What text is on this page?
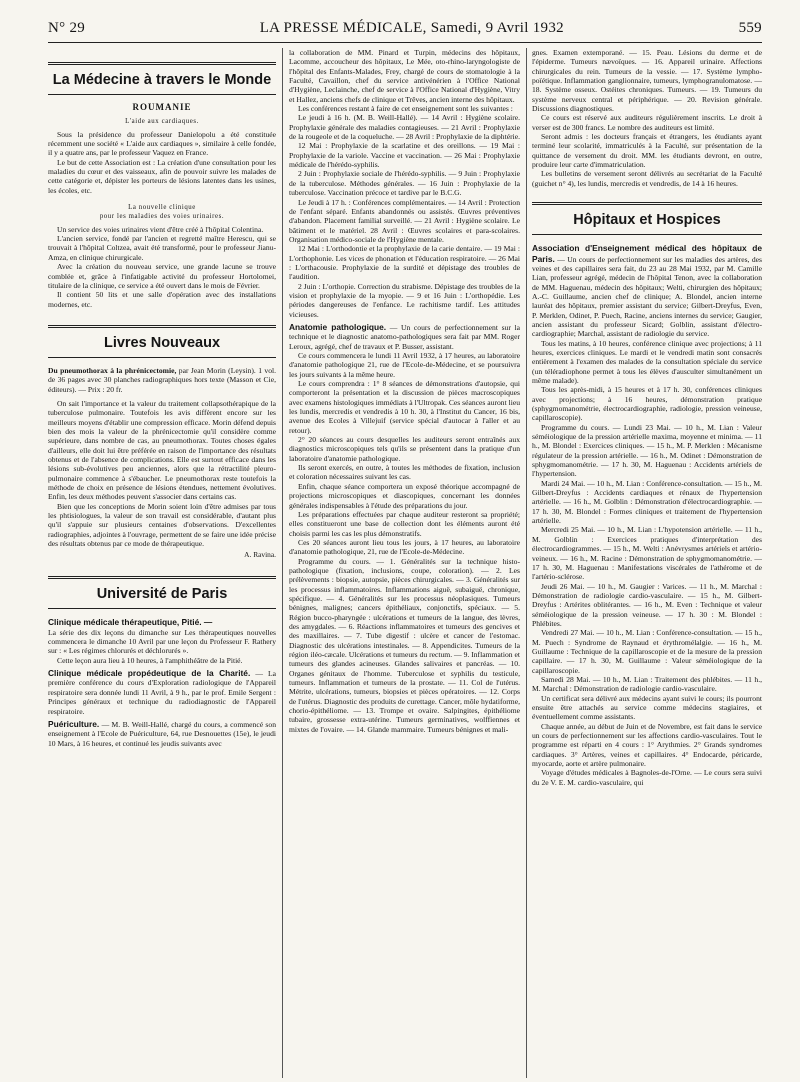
N° 29	LA PRESSE MÉDICALE, Samedi, 9 Avril 1932	559
La Médecine à travers le Monde
ROUMANIE
L'aide aux cardiaques.

Sous la présidence du professeur Danielopolu a été constituée récemment une société « L'aide aux cardiaques », similaire à celle fondée, il y a quatre ans, par le professeur Vaquez en France.

Le but de cette Association est : La création d'une consultation pour les maladies du cœur et des vaisseaux, afin de pouvoir suivre les malades de cette catégorie et, dépister les porteurs de lésions latentes dans les usines, les écoles, etc.

La nouvelle clinique
pour les maladies des voies urinaires.

Un service des voies urinaires vient d'être créé à l'hôpital Colentina.

L'ancien service, fondé par l'ancien et regretté maître Herescu, qui se trouvait à l'hôpital Coltzea, avait été transformé, pour le professeur Jianu-Amza, en clinique chirurgicale.

Avec la création du nouveau service, une grande lacune se trouve comblée et, grâce à l'infatigable activité du professeur Hortolomei, titulaire de la clinique, ce service a été ouvert dans le mois de Février.

Il contient 50 lits et une salle d'opération avec des installations modernes, etc.

Livres Nouveaux

Du pneumothorax à la phrénicectomie, par Jean Morin (Leysin). 1 vol. de 36 pages avec 30 planches radiographiques hors texte (Masson et Cie, éditeurs). — Prix : 20 fr.

On sait l'importance et la valeur du traitement collapsothérapique de la tuberculose pulmonaire. Toutefois les avis diffèrent encore sur les meilleurs moyens d'établir une compression efficace. Morin défend depuis bien des mois la valeur de la phrénicectomie qu'il considère comme supérieure, dans nombre de cas, au pneumothorax. Toutes choses égales d'ailleurs, elle doit lui être préférée en raison de l'importance des résultats obtenus et de l'absence de complications. Elle est surtout efficace dans les lésions sub-évolutives peu anciennes, alors que la rétractilité pleuro-pulmonaire commence à s'ébaucher. Le pneumothorax reste toutefois la méthode de choix en présence de lésions étendues, nettement évolutives. Enfin, les deux méthodes peuvent s'associer dans certains cas.

Bien que les conceptions de Morin soient loin d'être admises par tous les phtisiologues, la valeur de son travail est considérable, d'autant plus qu'il s'appuie sur plusieurs centaines d'observations. D'excellentes radiographies, adjointes à l'ouvrage, permettent de se faire une idée précise des résultats obtenus par ce mode de thérapeutique.

A. Ravina.
Université de Paris
Clinique médicale thérapeutique, Pitié. —

La série des dix leçons du dimanche sur Les thérapeutiques nouvelles commencera le dimanche 10 Avril par une leçon du Professeur F. Rathery sur : « Les régimes chlorurés et déchlorurés ».

Cette leçon aura lieu à 10 heures, à l'amphithéâtre de la Pitié.

Clinique médicale propédeutique de la Charité. — La première conférence du cours d'Exploration radiologique de l'Appareil respiratoire sera donnée lundi 11 Avril, à 9 h., par le prof. Emile Sergent : Principes généraux et technique du radiodiagnostic de l'Appareil respiratoire.

Puériculture. — M. B. Weill-Hallé, chargé du cours, a commencé son enseignement à l'Ecole de Puériculture, 64, rue Desnouettes (15e), le jeudi 10 Mars, à 16 heures, et continué les jeudis suivants avec

la collaboration de MM. Pinard et Turpin, médecins des hôpitaux, Lacomme, accoucheur des hôpitaux, Le Mée, oto-rhino-laryngologiste de l'hôpital des Enfants-Malades, Frey, chargé de cours de stomatologie à la Faculté, Cavaillon, chef du service antivénérien à l'Office National d'Hygiène, Leclainche, chef de service à l'Office National d'Hygiène, Vitry et Hallez, anciens chefs de clinique et Trêves, ancien interne des hôpitaux.

Les conférences restant à faire de cet enseignement sont les suivantes :

Le jeudi à 16 h. (M. B. Weill-Hallé). — 14 Avril : Hygiène scolaire. Prophylaxie générale des maladies contagieuses. — 21 Avril : Prophylaxie de la rougeole et de la coqueluche. — 28 Avril : Prophylaxie de la diphtérie.

12 Mai : Prophylaxie de la scarlatine et des oreillons. — 19 Mai : Prophylaxie de la variole. Vaccine et vaccination. — 26 Mai : Prophylaxie médicale de l'hérédo-syphilis.

2 Juin : Prophylaxie sociale de l'hérédo-syphilis. — 9 Juin : Prophylaxie de la tuberculose. Méthodes générales. — 16 Juin : Prophylaxie de la tuberculose. Vaccination précoce et tardive par le B.C.G.

Le Jeudi à 17 h. : Conférences complémentaires. — 14 Avril : Protection de l'enfant séparé. Enfants abandonnés ou assistés. Œuvres préventives d'abandon. Placement familial surveillé. — 21 Avril : Hygiène scolaire. Le bâtiment et le matériel. 28 Avril : Œuvres scolaires et para-scolaires. Organisation médico-sociale de l'Hygiène mentale.

12 Mai : L'orthodontie et la prophylaxie de la carie dentaire. — 19 Mai : L'orthophonie. Les vices de phonation et l'éducation respiratoire. — 26 Mai : L'orthacousie. Prophylaxie de la surdité et dépistage des troubles de l'audition.

2 Juin : L'orthopie. Correction du strabisme. Dépistage des troubles de la vision et prophylaxie de la myopie. — 9 et 16 Juin : L'orthopédie. Les périodes dangereuses de l'enfance. Le rachitisme tardif. Les attitudes vicieuses.

Anatomie pathologique. — Un cours de perfectionnement sur la technique et le diagnostic anatomo-pathologiques sera fait par MM. Roger Leroux, agrégé, chef de travaux et P. Busser, assistant.

Ce cours commencera le lundi 11 Avril 1932, à 17 heures, au laboratoire d'anatomie pathologique 21, rue de l'Ecole-de-Médecine, et se poursuivra les jours suivants à la même heure.

Le cours comprendra : 1° 8 séances de démonstrations d'autopsie, qui comporteront la présentation et la discussion de pièces macroscopiques avec examens histologiques immédiats à l'Ultropak. Ces séances auront lieu les lundis, mercredis et vendredis à 10 h. 30, à l'Institut du Cancer, 16 bis, avenue des Ecoles à Villejuif (service spécial d'autocar à l'aller et au retour).

2° 20 séances au cours desquelles les auditeurs seront entraînés aux diagnostics microscopiques tels qu'ils se présentent dans la pratique d'un laboratoire d'anatomie pathologique.

Ils seront exercés, en outre, à toutes les méthodes de fixation, inclusion et coloration nécessaires suivant les cas.

Enfin, chaque séance comportera un exposé théorique accompagné de projections microscopiques et diascopiques, concernant les données générales indispensables à l'étude des préparations du jour.

Les préparations effectuées par chaque auditeur resteront sa propriété; elles constitueront une base de collection dont les éléments auront été choisis parmi les cas les plus démonstratifs.

Ces 20 séances auront lieu tous les jours, à 17 heures, au laboratoire d'anatomie pathologique, 21, rue de l'Ecole-de-Médecine.

Programme du cours. — 1. Généralités sur la technique histo-pathologique (fixation, inclusions, coupe, coloration). — 2. Les prélèvements : biopsie, autopsie, pièces chirurgicales. — 3. Généralités sur les processus inflammatoires. Inflammations aiguë, subaiguë, chronique, spécifique. — 4. Généralités sur les processus néoplasiques. Tumeurs bénignes, malignes; cancers épithéliaux, conjonctifs, spéciaux. — 5. Région bucco-pharyngée : ulcérations et tumeurs de la langue, des lèvres, des amygdales. — 6. Réactions inflammatoires et tumeurs des gencives et des maxillaires. — 7. Tube digestif : ulcère et cancer de l'estomac. Diagnostic des ulcérations intestinales. — 8. Appendicites. Tumeurs de la région iléo-cæcale. Ulcérations et tumeurs du rectum. — 9. Inflammation et tumeurs des glandes acineuses. Glandes salivaires et pancréas. — 10. Organes génitaux de l'homme. Tuberculose et syphilis du testicule, tumeurs. Inflammation et tumeurs de la prostate. — 11. Col de l'utérus. Métrite, ulcérations, tumeurs, biopsies et pièces opératoires. — 12. Corps de l'utérus. Diagnostic des produits de curettage. Cancer, môle hydatiforme, chorio-épithéliome. — 13. Trompe et ovaire. Salpingites, épithéliome tubaire, grossesse extra-utérine. Tumeurs germinatives, wolffiennes et mixtes de l'ovaire. — 14. Glande mammaire. Tumeurs bénignes et mali-

gnes. Examen extemporané. — 15. Peau. Lésions du derme et de l'épiderme. Tumeurs nævoïques. — 16. Appareil urinaire. Affections chirurgicales du rein. Tumeurs de la vessie. — 17. Système lympho-poïétique. Inflammation ganglionnaire, tumeurs, lymphogranulomatose. — 18. Système osseux. Ostéites chroniques. Tumeurs. — 19. Tumeurs du système nerveux central et périphérique. — 20. Revision générale. Discussions diagnostiques.

Ce cours est réservé aux auditeurs régulièrement inscrits. Le droit à verser est de 300 francs. Le nombre des auditeurs est limité.

Seront admis : les docteurs français et étrangers, les étudiants ayant terminé leur scolarité, immatriculés à la Faculté, sur présentation de la quittance de versement du droit. MM. les étudiants devront, en outre, produire leur carte d'immatriculation.

Les bulletins de versement seront délivrés au secrétariat de la Faculté (guichet n° 4), les lundis, mercredis et vendredis, de 14 à 16 heures.

Hôpitaux et Hospices

Association d'Enseignement médical des hôpitaux de Paris. — Un cours de perfectionnement sur les maladies des artères, des veines et des capillaires sera fait, du 23 au 28 Mai 1932, par M. Camille Lian, professeur agrégé, médecin de l'hôpital Tenon, avec la collaboration de MM. Haguenau, médecin des hôpitaux; Welti, chirurgien des hôpitaux; A.-C. Guillaume, ancien chef de clinique; A. Blondel, ancien interne lauréat des hôpitaux, premier assistant du service; Gilbert-Dreyfus, Even, P. Merklen, Odinet, P. Puech, Racine, anciens internes du service; Gaugier, ancien assistant du professeur Sicard; Golblin, assistant d'électro-cardiographie; Marchal, assistant de radiologie du service.

Tous les matins, à 10 heures, conférence clinique avec projections; à 11 heures, exercices cliniques. Le mardi et le vendredi matin sont consacrés entièrement à l'examen des malades de la consultation spéciale du service (un téléradiophone permet à tous les élèves d'ausculter simultanément un même malade).

Tous les après-midi, à 15 heures et à 17 h. 30, conférences cliniques avec projections; à 16 heures, démonstration pratique (sphygmomanométrie, électrocardiographie, radiologie, pression veineuse, capillaroscopie).

Programme du cours. — Lundi 23 Mai. — 10 h., M. Lian : Valeur séméiologique de la pression artérielle maxima, moyenne et minima. — 11 h., M. Blondel : Exercices cliniques. — 15 h., M. P. Merklen : Mécanisme régulateur de la pression artérielle. — 16 h., M. Odinet : Démonstration de sphygmomanométrie. — 17 h. 30, M. Haguenau : Accidents artériels de l'hypertension.

Mardi 24 Mai. — 10 h., M. Lian : Conférence-consultation. — 15 h., M. Gilbert-Dreyfus : Accidents cardiaques et rénaux de l'hypertension artérielle. — 16 h., M. Golblin : Démonstration d'électrocardiographie. — 17 h. 30, M. Blondel : Formes cliniques et traitement de l'hypertension artérielle.

Mercredi 25 Mai. — 10 h., M. Lian : L'hypotension artérielle. — 11 h., M. Golblin : Exercices pratiques d'interprétation des électrocardiogrammes. — 15 h., M. Welti : Anévrysmes artériels et artério-veineux. — 16 h., M. Racine : Démonstration de sphygmomanométrie. — 17 h. 30, M. Haguenau : Manifestations viscérales de l'athérome et de l'artério-sclérose.

Jeudi 26 Mai. — 10 h., M. Gaugier : Varices. — 11 h., M. Marchal : Démonstration de radiologie cardio-vasculaire. — 15 h., M. Gilbert-Dreyfus : Artérites oblitérantes. — 16 h., M. Even : Technique et valeur séméiologique de la pression veineuse. — 17 h. 30 : M. Blondel : Phlébites.

Vendredi 27 Mai. — 10 h., M. Lian : Conférence-consultation. — 15 h., M. Puech : Syndrome de Raynaud et érythromélalgie. — 16 h., M. Guillaume : Technique de la capillaroscopie et de la mesure de la pression capillaire. — 17 h. 30, M. Guillaume : Valeur séméiologique de la capillaroscopie.

Samedi 28 Mai. — 10 h., M. Lian : Traitement des phlébites. — 11 h., M. Marchal : Démonstration de radiologie cardio-vasculaire.

Un certificat sera délivré aux médecins ayant suivi le cours; ils pourront ensuite être attachés au service comme médecins stagiaires, et éventuellement comme assistants.

Chaque année, au début de Juin et de Novembre, est fait dans le service un cours de perfectionnement sur les affections cardio-vasculaires. Tout le programme est réparti en 4 cours : 1° Arythmies. 2° Grands syndromes cardiaques. 3° Artères, veines et capillaires. 4° Endocarde, péricarde, myocarde, aorte et artère pulmonaire.

Voyage d'études médicales à Bagnoles-de-l'Orne. — Le cours sera suivi du 2e V. E. M. cardio-vasculaire, qui
